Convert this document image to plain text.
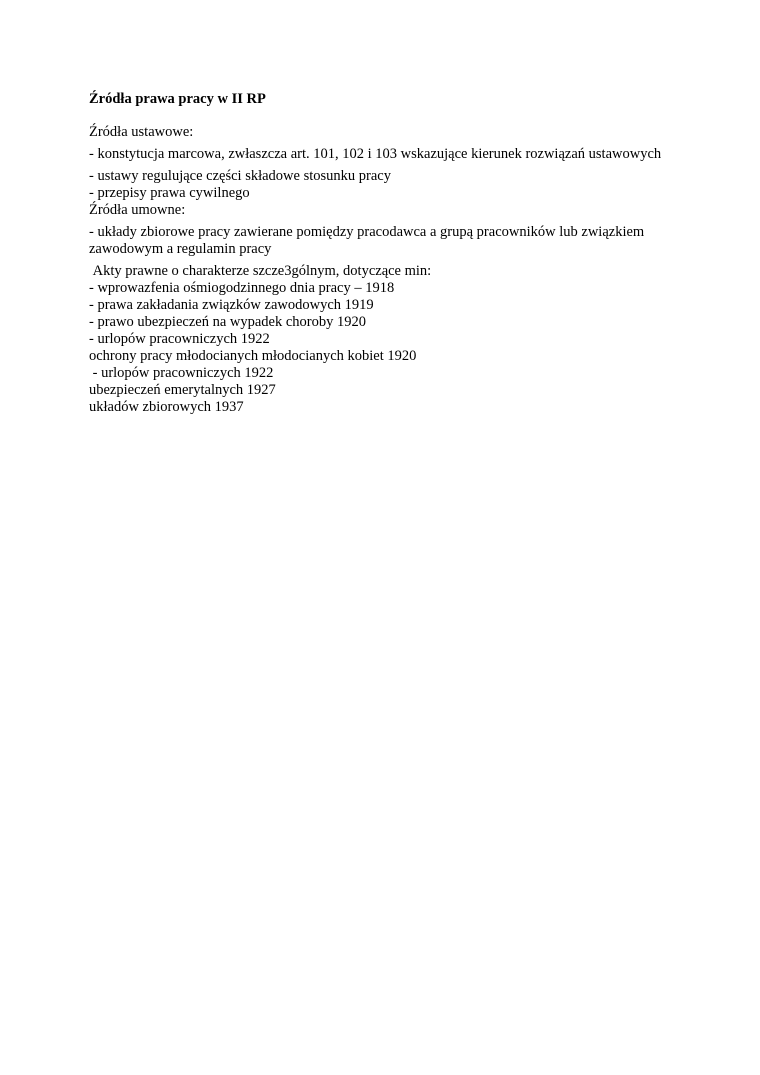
Źródła prawa pracy w II RP
Źródła ustawowe:
- konstytucja marcowa, zwłaszcza art. 101, 102 i 103 wskazujące kierunek rozwiązań ustawowych
- ustawy regulujące części składowe stosunku pracy
- przepisy prawa cywilnego
Źródła umowne:
- układy zbiorowe pracy zawierane pomiędzy pracodawca a grupą pracowników lub związkiem zawodowym a regulamin pracy
Akty prawne o charakterze szcze3gólnym, dotyczące min:
- wprowazfenia ośmiogodzinnego dnia pracy – 1918
- prawa zakładania związków zawodowych 1919
- prawo ubezpieczeń na wypadek choroby 1920
- urlopów pracowniczych 1922
ochrony pracy młodocianych młodocianych kobiet 1920
- urlopów pracowniczych 1922
ubezpieczeń emerytalnych 1927
układów zbiorowych 1937
